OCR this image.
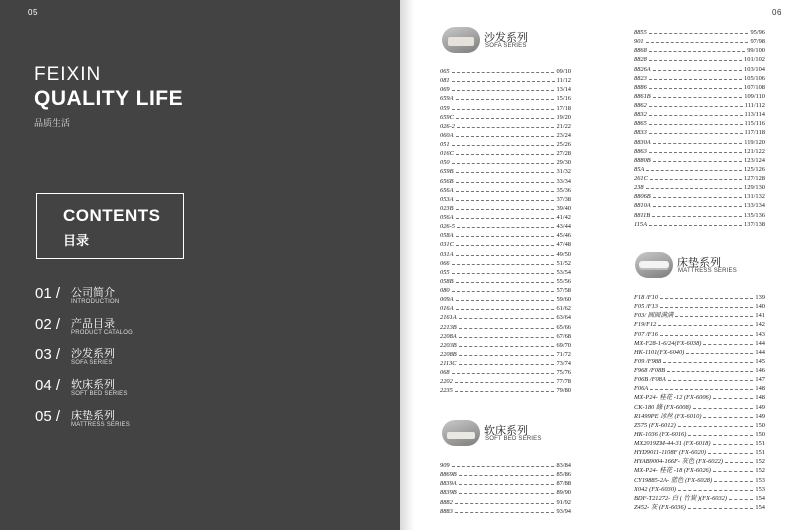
05
FEIXIN
QUALITY LIFE
品质生活
CONTENTS
目录
01 / 公司简介
INTRODUCTION
02 / 产品目录
PRODUCT CATALOG
03 / 沙发系列
SOFA SERIES
04 / 软床系列
SOFT BED SERIES
05 / 床垫系列
MATTRESS SERIES
06
沙发系列
SOFA SERIES
065	09/10
081	11/12
069	13/14
659A	15/16
059	17/18
659C	19/20
026-2	21/22
060A	23/24
051	25/26
016C	27/28
050	29/30
659B	31/32
656B	33/34
656A	35/36
053A	37/38
023B	39/40
056A	41/42
026-5	43/44
058A	45/46
031C	47/48
031A	49/50
066	51/52
055	53/54
058B	55/56
080	57/58
009A	59/60
016A	61/62
2161A	63/64
2213B	65/66
2208A	67/68
2203B	69/70
2208B	71/72
2113C	73/74
068	75/76
2202	77/78
2235	79/80
软床系列
SOFT BED SERIES
909	83/84
8869B	85/86
8839A	87/88
8839B	89/90
8882	91/92
8883	93/94
8855	95/96
901	97/98
8868	99/100
8828	101/102
8826A	103/104
8823	105/106
8886	107/108
8861B	109/110
8862	111/112
8832	113/114
8865	115/116
8833	117/118
8830A	119/120
8863	121/122
8880B	123/124
85A	125/126
261C	127/128
238	129/130
8806B	131/132
8810A	133/134
8811B	135/136
115A	137/138
床垫系列
MATTRESS SERIES
F18 /F10	139
F05 /F13	140
F03/ 圆圆满满	141
F19/F12	142
F07 /F16	143
MX-F28-1-6/24(FX-6038)	144
HK-1101(FX-6040)	144
F09 /F988	145
F968 /F08B	146
F06B /F08A	147
F06A	148
MX-P24- 桂花 -12 (FX-6006)	148
CK-180 綠 (FX-6008)	149
R1499PE 冰丝 (FX-6010)	149
Z575 (FX-6012)	150
HK-1036 (FX-6016)	150
MX2019ZM-44-31 (FX-6018)	151
HYD9011-1108F (FX-6020)	151
HYAB9004-166F- 灰色 (FX-6022)	152
MX-P24- 桂花 -18 (FX-6026)	152
CY19885-2A- 蓝色 (FX-6028)	153
X042 (FX-6030)	153
BDF-T21272- 白 ( 竹炭 )(FX-6032)	154
Z452- 灰 (FX-6036)	154
